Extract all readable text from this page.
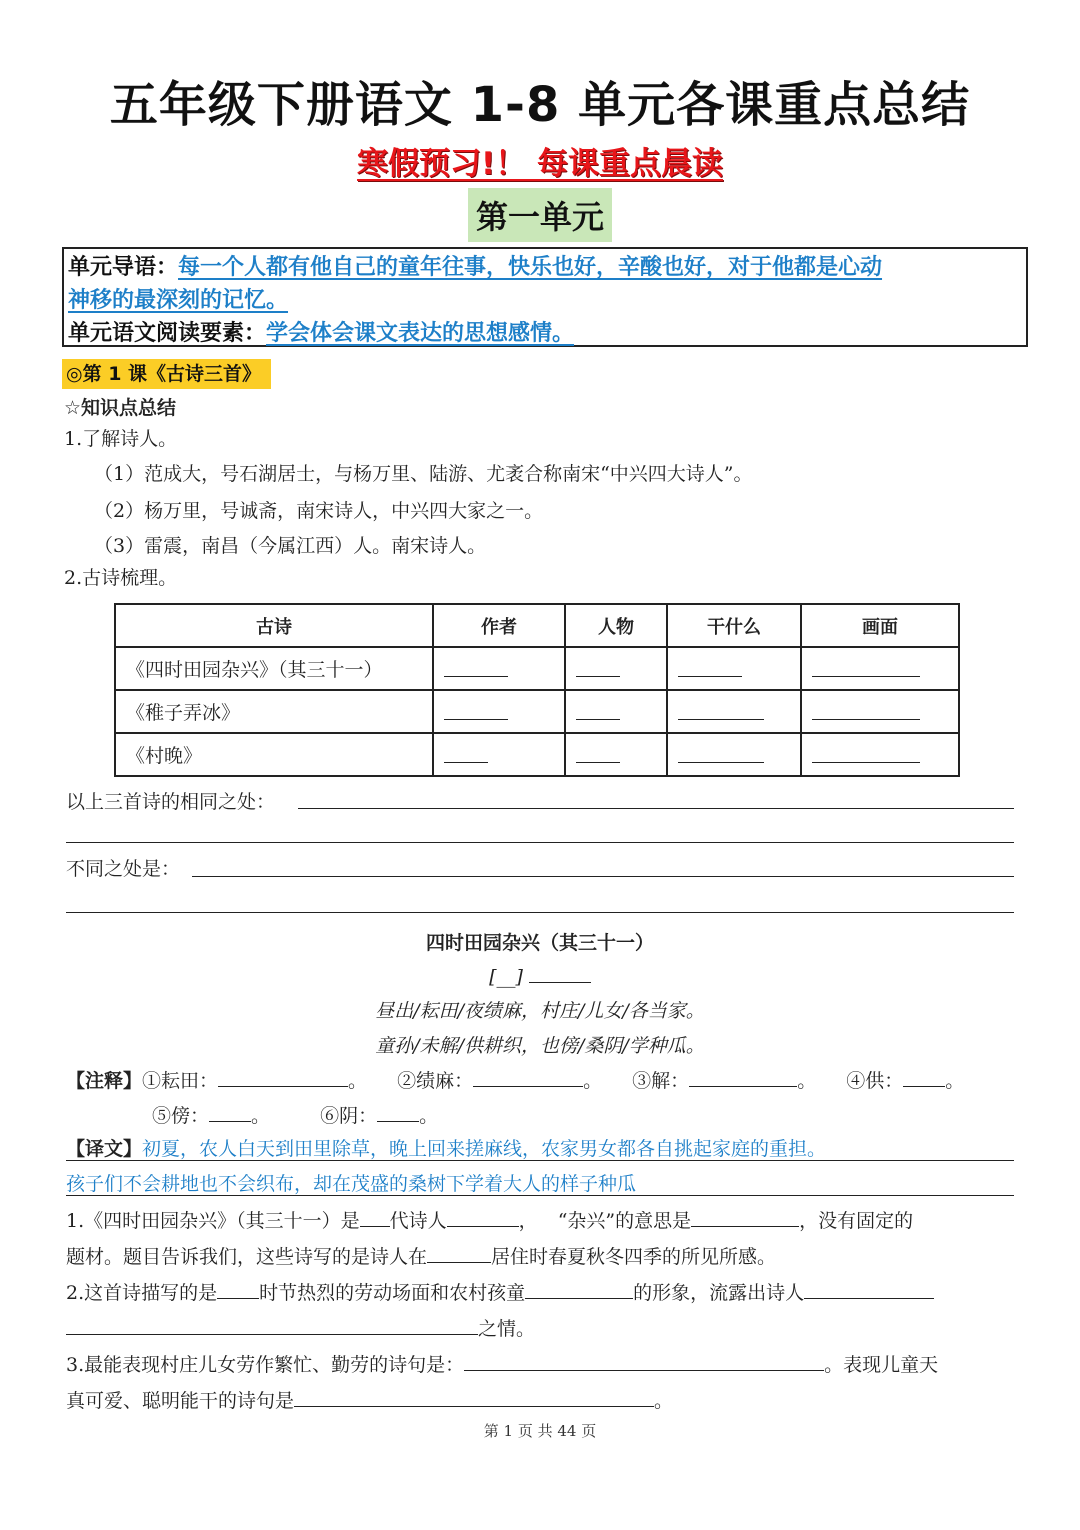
五年级下册语文 1-8 单元各课重点总结
寒假预习!！ 每课重点晨读
第一单元
单元导语：每一个人都有他自己的童年往事，快乐也好，辛酸也好，对于他都是心动
神移的最深刻的记忆。
单元语文阅读要素：学会体会课文表达的思想感情。
◎第 1 课《古诗三首》
☆知识点总结
1.了解诗人。
（1）范成大，号石湖居士，与杨万里、陆游、尤袤合称南宋“中兴四大诗人”。
（2）杨万里，号诚斋，南宋诗人，中兴四大家之一。
（3）雷震，南昌（今属江西）人。南宋诗人。
2.古诗梳理。
古诗	作者	人物	干什么	画面
《四时田园杂兴》（其三十一）				
《稚子弄冰》				
《村晚》				
以上三首诗的相同之处：
不同之处是：
四时田园杂兴（其三十一）
[__]
昼出/耘田/夜绩麻，村庄/儿女/各当家。
童孙/未解/供耕织，也傍/桑阴/学种瓜。
【注释】①耘田：	。 ②绩麻：	。 ③解：	。 ④供： 。
⑤傍： 。	⑥阴： 。
【译文】初夏，农人白天到田里除草，晚上回来搓麻线，农家男女都各自挑起家庭的重担。
孩子们不会耕地也不会织布，却在茂盛的桑树下学着大人的样子种瓜
1.《四时田园杂兴》（其三十一）是 代诗人	， “杂兴”的意思是	，没有固定的
题材。题目告诉我们，这些诗写的是诗人在	居住时春夏秋冬四季的所见所感。
2.这首诗描写的是 时节热烈的劳动场面和农村孩童	的形象，流露出诗人
之情。
3.最能表现村庄儿女劳作繁忙、勤劳的诗句是：	。表现儿童天
真可爱、聪明能干的诗句是	。
第 1 页 共 44 页
